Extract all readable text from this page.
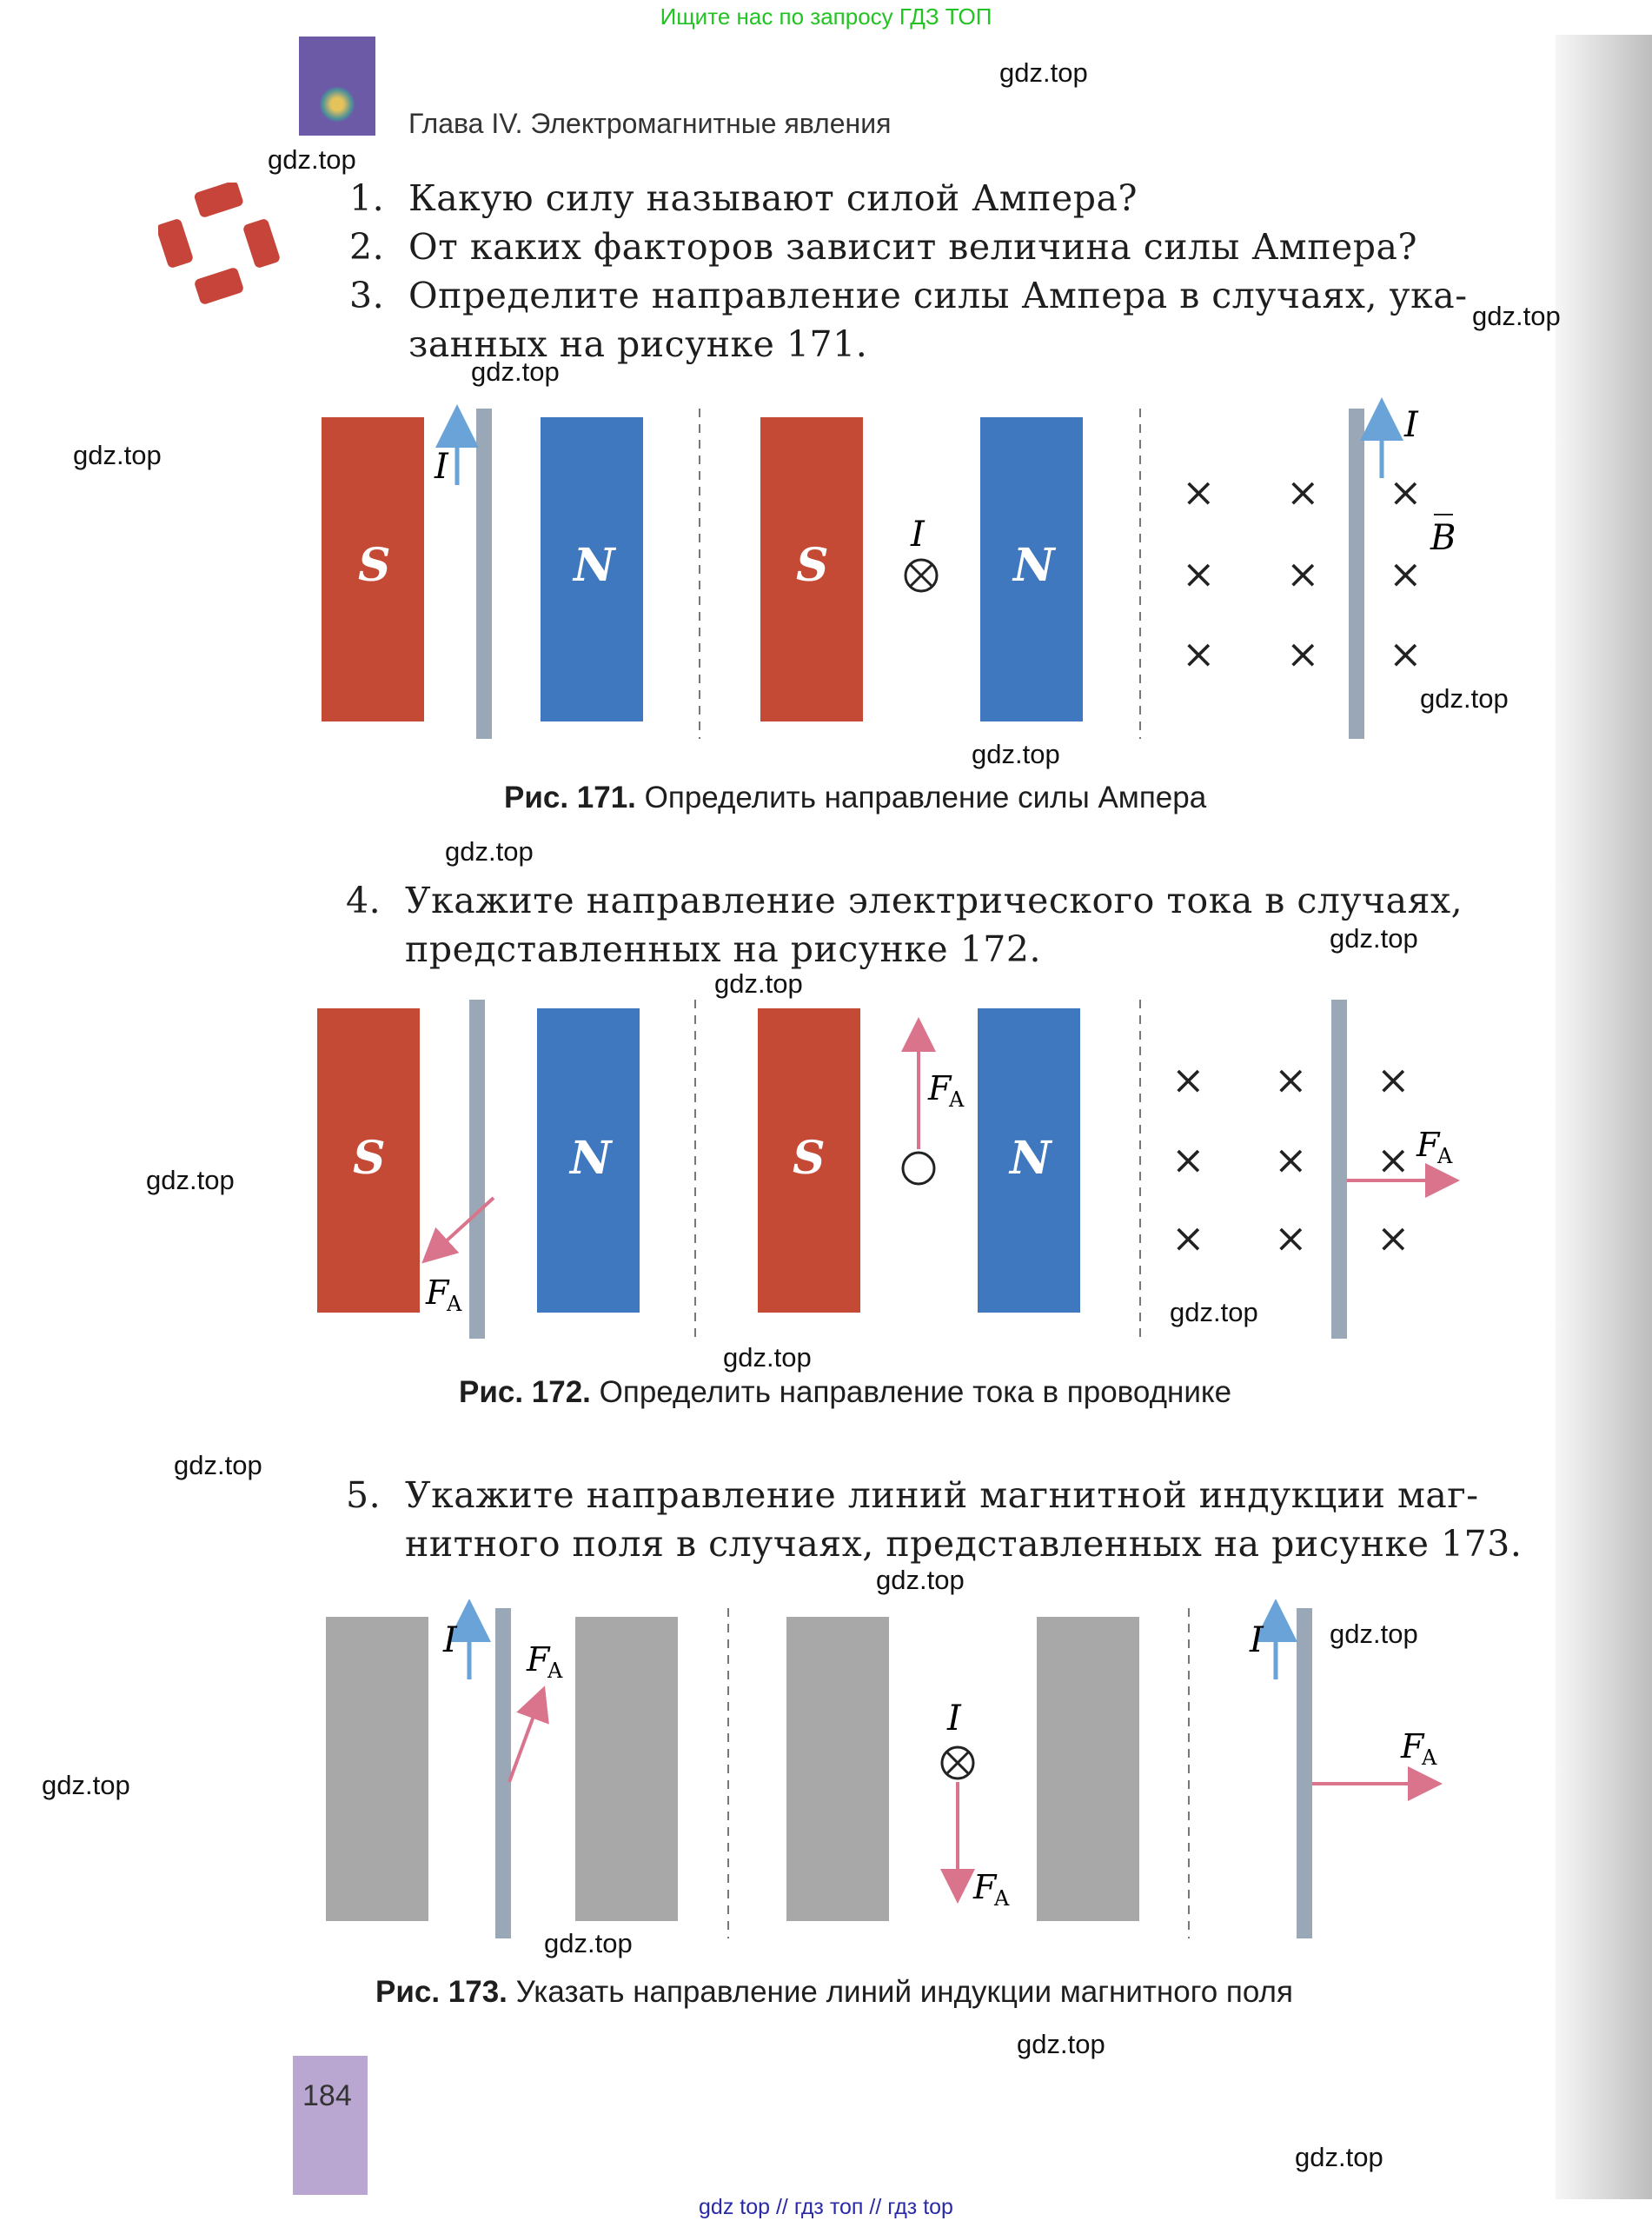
Ищите нас по запросу ГДЗ ТОП
Глава IV. Электромагнитные явления
1. Какую силу называют силой Ампера?
2. От каких факторов зависит величина силы Ампера?
3. Определите направление силы Ампера в случаях, ука-
занных на рисунке 171.
S
I
N	S
I
N
× × ×
× × ×
× × ×
I
B
Рис. 171. Определить направление силы Ампера
4. Укажите направление электрического тока в случаях,
представленных на рисунке 172.
S
F
A
N	S
F
A
N
× × ×
× × ×
× × ×
F
A
Рис. 172. Определить направление тока в проводнике
5. Укажите направление линий магнитной индукции маг-
нитного поля в случаях, представленных на рисунке 173.
I F
A
I
F
A
I
F
A
Рис. 173. Указать направление линий индукции магнитного поля
184
gdz.top
gdz.top
gdz.top
gdz.top
gdz.top
gdz.top
gdz.top
gdz.top
gdz.top
gdz.top
gdz.top
gdz.top
gdz.top
gdz.top
gdz.top
gdz.top
gdz.top
gdz.top
gdz.top
gdz.top
gdz top // гдз топ // гдз top
